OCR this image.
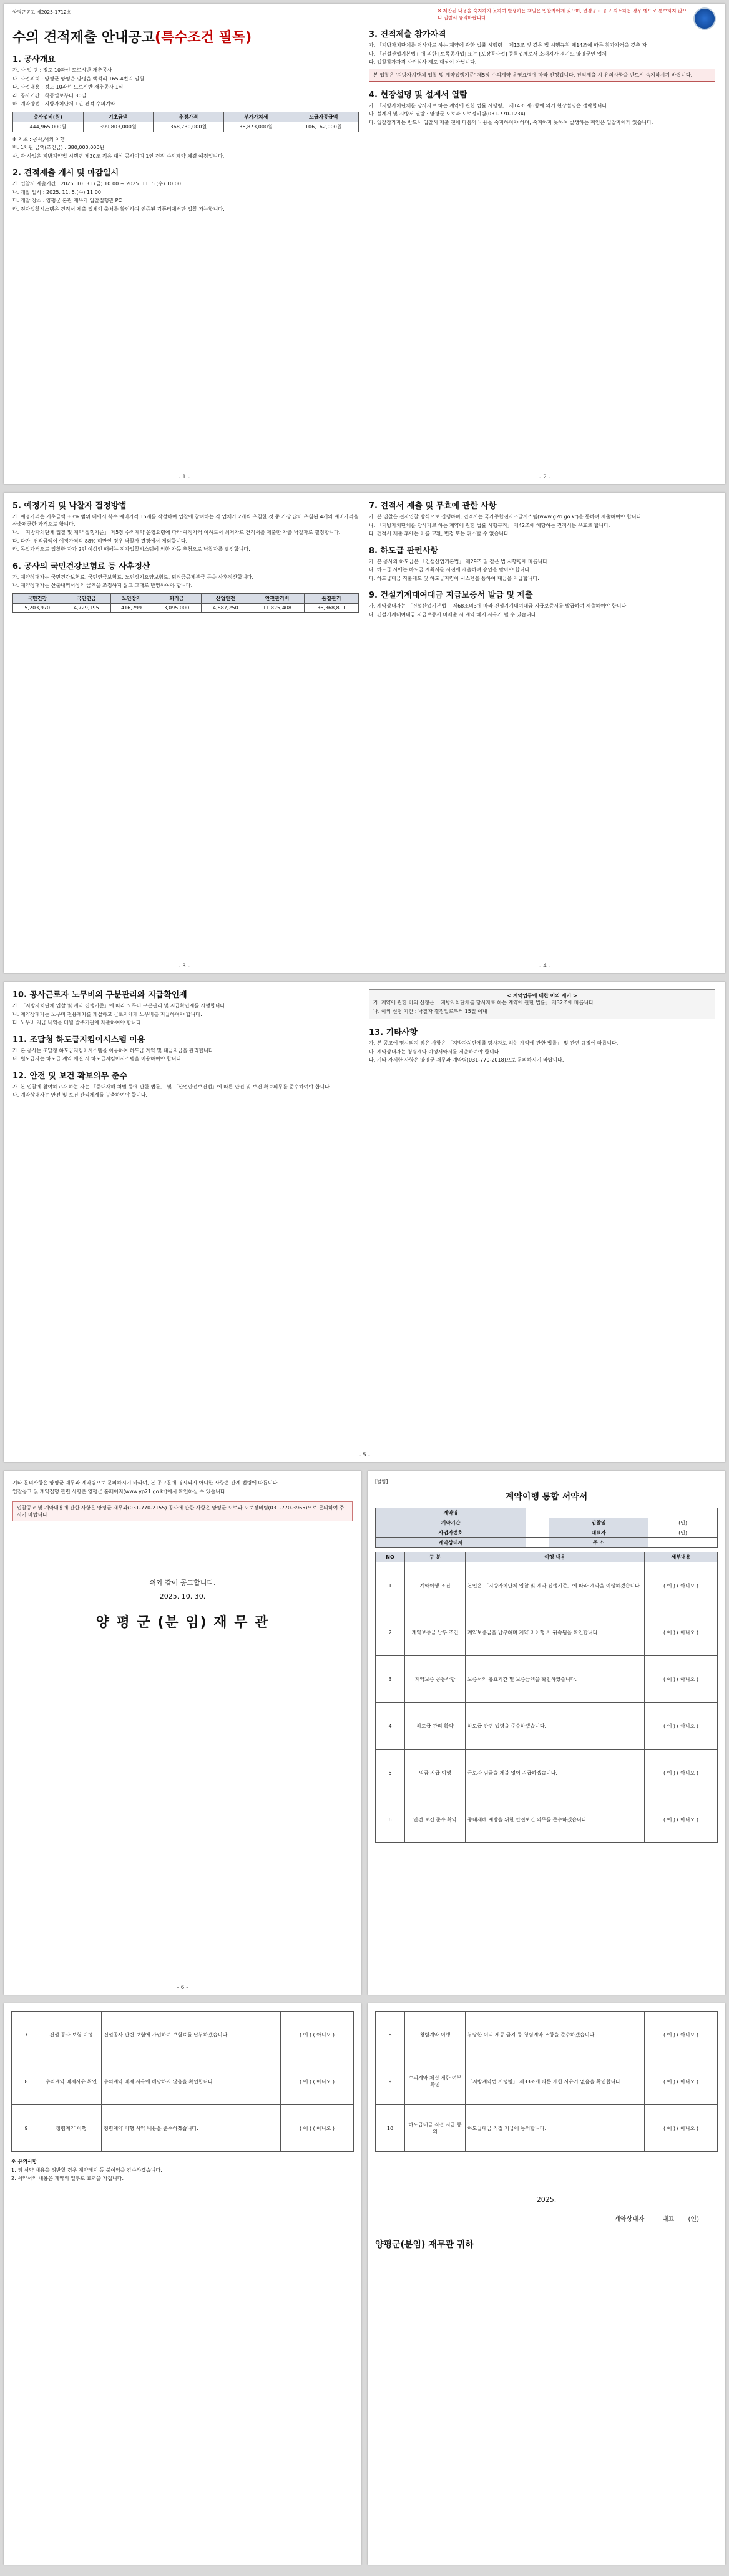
양평군공고 제2025-1712호
수의 견적제출 안내공고(특수조건 필독)
1. 공사개요
가. 사 업 명 : 정도 10과선 도로시반 재추공사
나. 사업위치 : 양평군 양평읍 양평읍 백석리 165-4번지 일원
다. 사업내용 : 정도 10과선 도로시반 재추공사 1식
라. 공사기간 : 착공일로부터 30일
마. 계약방법 : 지방자치단체 1인 견적 수의계약
총사업비(원)	기초금액	추정가격	부가가치세	도급자공급액
444,965,000원	399,803,000원	368,730,000원	36,873,000원	106,162,000원
※ 기초 : 공사,해외 이행
바. 1차관 금액(조건금) : 380,000,000원
사. 관 사업은 지방계약법 시행령 제30조 적용 대상 공사이며 1인 견적 수의계약 체결 예정입니다.
2. 견적제출 개시 및 마감일시
가. 입찰서 제출기간 : 2025. 10. 31.(금) 10:00 ~ 2025. 11. 5.(수) 10:00
나. 개찰 일시 : 2025. 11. 5.(수) 11:00
다. 개찰 장소 : 양평군 본관 재무과 입찰집행관 PC
라. 전자입찰시스템은 견적서 제출 업체의 출처를 확인하여 인증된 컴퓨터에서만 입찰 가능합니다.
※ 제안된 내용을 숙지하지 못하여 발생하는 책임은 입찰자에게 있으며, 변경공고 공고 최소하는 경우 별도로 통보하지 않으니 입찰서 유의바랍니다.
3. 견적제출 참가자격
가. 「지방자치단체를 당사자로 하는 계약에 관한 법률 시행령」 제13조 및 같은 법 시행규칙 제14조에 따른 참가자격을 갖춘 자
나. 「건설산업기본법」에 의한 [토목공사업] 또는 [포장공사업] 등록업체로서 소재지가 경기도 양평군인 업체
다. 입찰참가자격 사전심사 제도 대상이 아닙니다.
본 입찰은 '지방자치단체 입찰 및 계약집행기준' 제5장 수의계약 운영요령에 따라 진행됩니다. 견적제출 시 유의사항을 반드시 숙지하시기 바랍니다.
4. 현장설명 및 설계서 열람
가. 「지방자치단체를 당사자로 하는 계약에 관한 법률 시행령」 제14조 제6항에 의거 현장설명은 생략합니다.
나. 설계서 및 시방서 열람 : 양평군 도로과 도로정비팀(031-770-1234)
다. 입찰참가자는 반드시 입찰서 제출 전에 다음의 내용을 숙지하여야 하며, 숙지하지 못하여 발생하는 책임은 입찰자에게 있습니다.
- 1 -	- 2 -
5. 예정가격 및 낙찰자 결정방법
가. 예정가격은 기초금액 ±3% 범위 내에서 복수 예비가격 15개를 작성하여 입찰에 참여하는 각 업체가 2개씩 추첨한 것 중 가장 많이 추첨된 4개의 예비가격을 산술평균한 가격으로 합니다.
나. 「지방자치단체 입찰 및 계약 집행기준」 제5장 수의계약 운영요령에 따라 예정가격 이하로서 최저가로 견적서를 제출한 자를 낙찰자로 결정합니다.
다. 다만, 견적금액이 예정가격의 88% 미만인 경우 낙찰자 결정에서 제외합니다.
라. 동일가격으로 입찰한 자가 2인 이상인 때에는 전자입찰시스템에 의한 자동 추첨으로 낙찰자를 결정합니다.
6. 공사의 국민건강보험료 등 사후정산
가. 계약상대자는 국민건강보험료, 국민연금보험료, 노인장기요양보험료, 퇴직금공제부금 등을 사후정산합니다.
나. 계약상대자는 산출내역서상의 금액을 조정하지 않고 그대로 반영하여야 합니다.
국민건강	국민연금	노인장기	퇴직금	산업안전	안전관리비	품질관리
5,203,970	4,729,195	416,799	3,095,000	4,887,250	11,825,408	36,368,811
7. 견적서 제출 및 무효에 관한 사항
가. 본 입찰은 전자입찰 방식으로 집행하며, 견적서는 국가종합전자조달시스템(www.g2b.go.kr)을 통하여 제출하여야 합니다.
나. 「지방자치단체를 당사자로 하는 계약에 관한 법률 시행규칙」 제42조에 해당하는 견적서는 무효로 합니다.
다. 견적서 제출 후에는 이를 교환, 변경 또는 취소할 수 없습니다.
8. 하도급 관련사항
가. 본 공사의 하도급은 「건설산업기본법」 제29조 및 같은 법 시행령에 따릅니다.
나. 하도급 시에는 하도급 계획서를 사전에 제출하여 승인을 받아야 합니다.
다. 하도급대금 직불제도 및 하도급지킴이 시스템을 통하여 대금을 지급합니다.
9. 건설기계대여대금 지급보증서 발급 및 제출
가. 계약상대자는 「건설산업기본법」 제68조의3에 따라 건설기계대여대금 지급보증서를 발급하여 제출하여야 합니다.
나. 건설기계대여대금 지급보증서 미제출 시 계약 해지 사유가 될 수 있습니다.
- 3 -	- 4 -
10. 공사근로자 노무비의 구분관리와 지급확인제
가. 「지방자치단체 입찰 및 계약 집행기준」에 따라 노무비 구분관리 및 지급확인제를 시행합니다.
나. 계약상대자는 노무비 전용계좌를 개설하고 근로자에게 노무비를 지급하여야 합니다.
다. 노무비 지급 내역을 매월 발주기관에 제출하여야 합니다.
11. 조달청 하도급지킴이시스템 이용
가. 본 공사는 조달청 하도급지킴이시스템을 이용하여 하도급 계약 및 대금지급을 관리합니다.
나. 원도급자는 하도급 계약 체결 시 하도급지킴이시스템을 이용하여야 합니다.
12. 안전 및 보건 확보의무 준수
가. 본 입찰에 참여하고자 하는 자는 「중대재해 처벌 등에 관한 법률」 및 「산업안전보건법」에 따른 안전 및 보건 확보의무를 준수하여야 합니다.
나. 계약상대자는 안전 및 보건 관리체계를 구축하여야 합니다.
< 계약업무에 대한 이의 제기 >
가. 계약에 관한 이의 신청은 「지방자치단체를 당사자로 하는 계약에 관한 법률」 제32조에 따릅니다.
나. 이의 신청 기간 : 낙찰자 결정일로부터 15일 이내
13. 기타사항
가. 본 공고에 명시되지 않은 사항은 「지방자치단체를 당사자로 하는 계약에 관한 법률」 및 관련 규정에 따릅니다.
나. 계약상대자는 청렴계약 이행서약서를 제출하여야 합니다.
다. 기타 자세한 사항은 양평군 재무과 계약팀(031-770-2018)으로 문의하시기 바랍니다.
- 5 -
기타 문의사항은 양평군 재무과 계약팀으로 문의하시기 바라며, 본 공고문에 명시되지 아니한 사항은 관계 법령에 따릅니다.
입찰공고 및 계약집행 관련 사항은 양평군 홈페이지(www.yp21.go.kr)에서 확인하실 수 있습니다.
입찰공고 및 계약내용에 관한 사항은 양평군 재무과(031-770-2155) 공사에 관한 사항은 양평군 도로과 도로정비팀(031-770-3965)으로 문의하여 주시기 바랍니다.
위와 같이 공고합니다.
2025. 10. 30.
양 평 군 (분 임) 재 무 관
- 6 -
[별임]
계약이행 통합 서약서
계약명			
계약기간		입찰일	(인)
사업자번호		대표자	(인)
계약상대자		주 소	
NO	구 분	이행 내용	세부내용
1	계약이행 조건	본인은 「지방자치단체 입찰 및 계약 집행기준」에 따라 계약을 이행하겠습니다.	( 예 ) ( 아니오 )
2	계약보증금 납부 조건	계약보증금을 납부하며 계약 미이행 시 귀속됨을 확인합니다.	( 예 ) ( 아니오 )
3	계약보증 공통사항	보증서의 유효기간 및 보증금액을 확인하였습니다.	( 예 ) ( 아니오 )
4	하도급 관리 확약	하도급 관련 법령을 준수하겠습니다.	( 예 ) ( 아니오 )
5	임금 지급 이행	근로자 임금을 체불 없이 지급하겠습니다.	( 예 ) ( 아니오 )
6	안전 보건 준수 확약	중대재해 예방을 위한 안전보건 의무를 준수하겠습니다.	( 예 ) ( 아니오 )
7	건설 공사 보험 이행	건설공사 관련 보험에 가입하여 보험료를 납부하겠습니다.	( 예 ) ( 아니오 )
8	수의계약 배제사유 확인	수의계약 배제 사유에 해당하지 않음을 확인합니다.	( 예 ) ( 아니오 )
9	청렴계약 이행	청렴계약 이행 서약 내용을 준수하겠습니다.	( 예 ) ( 아니오 )
※ 유의사항
1. 위 서약 내용을 위반할 경우 계약해지 등 불이익을 감수하겠습니다.
2. 서약서의 내용은 계약의 일부로 효력을 가집니다.
8	청렴계약 이행	부당한 이익 제공 금지 등 청렴계약 조항을 준수하겠습니다.	( 예 ) ( 아니오 )
9	수의계약 체결 제한 여부 확인	「지방계약법 시행령」 제33조에 따른 제한 사유가 없음을 확인합니다.	( 예 ) ( 아니오 )
10	하도급대금 직접 지급 동의	하도급대금 직접 지급에 동의합니다.	( 예 ) ( 아니오 )
2025.
계약상대자	대표 (인)
양평군(분임) 재무관 귀하
